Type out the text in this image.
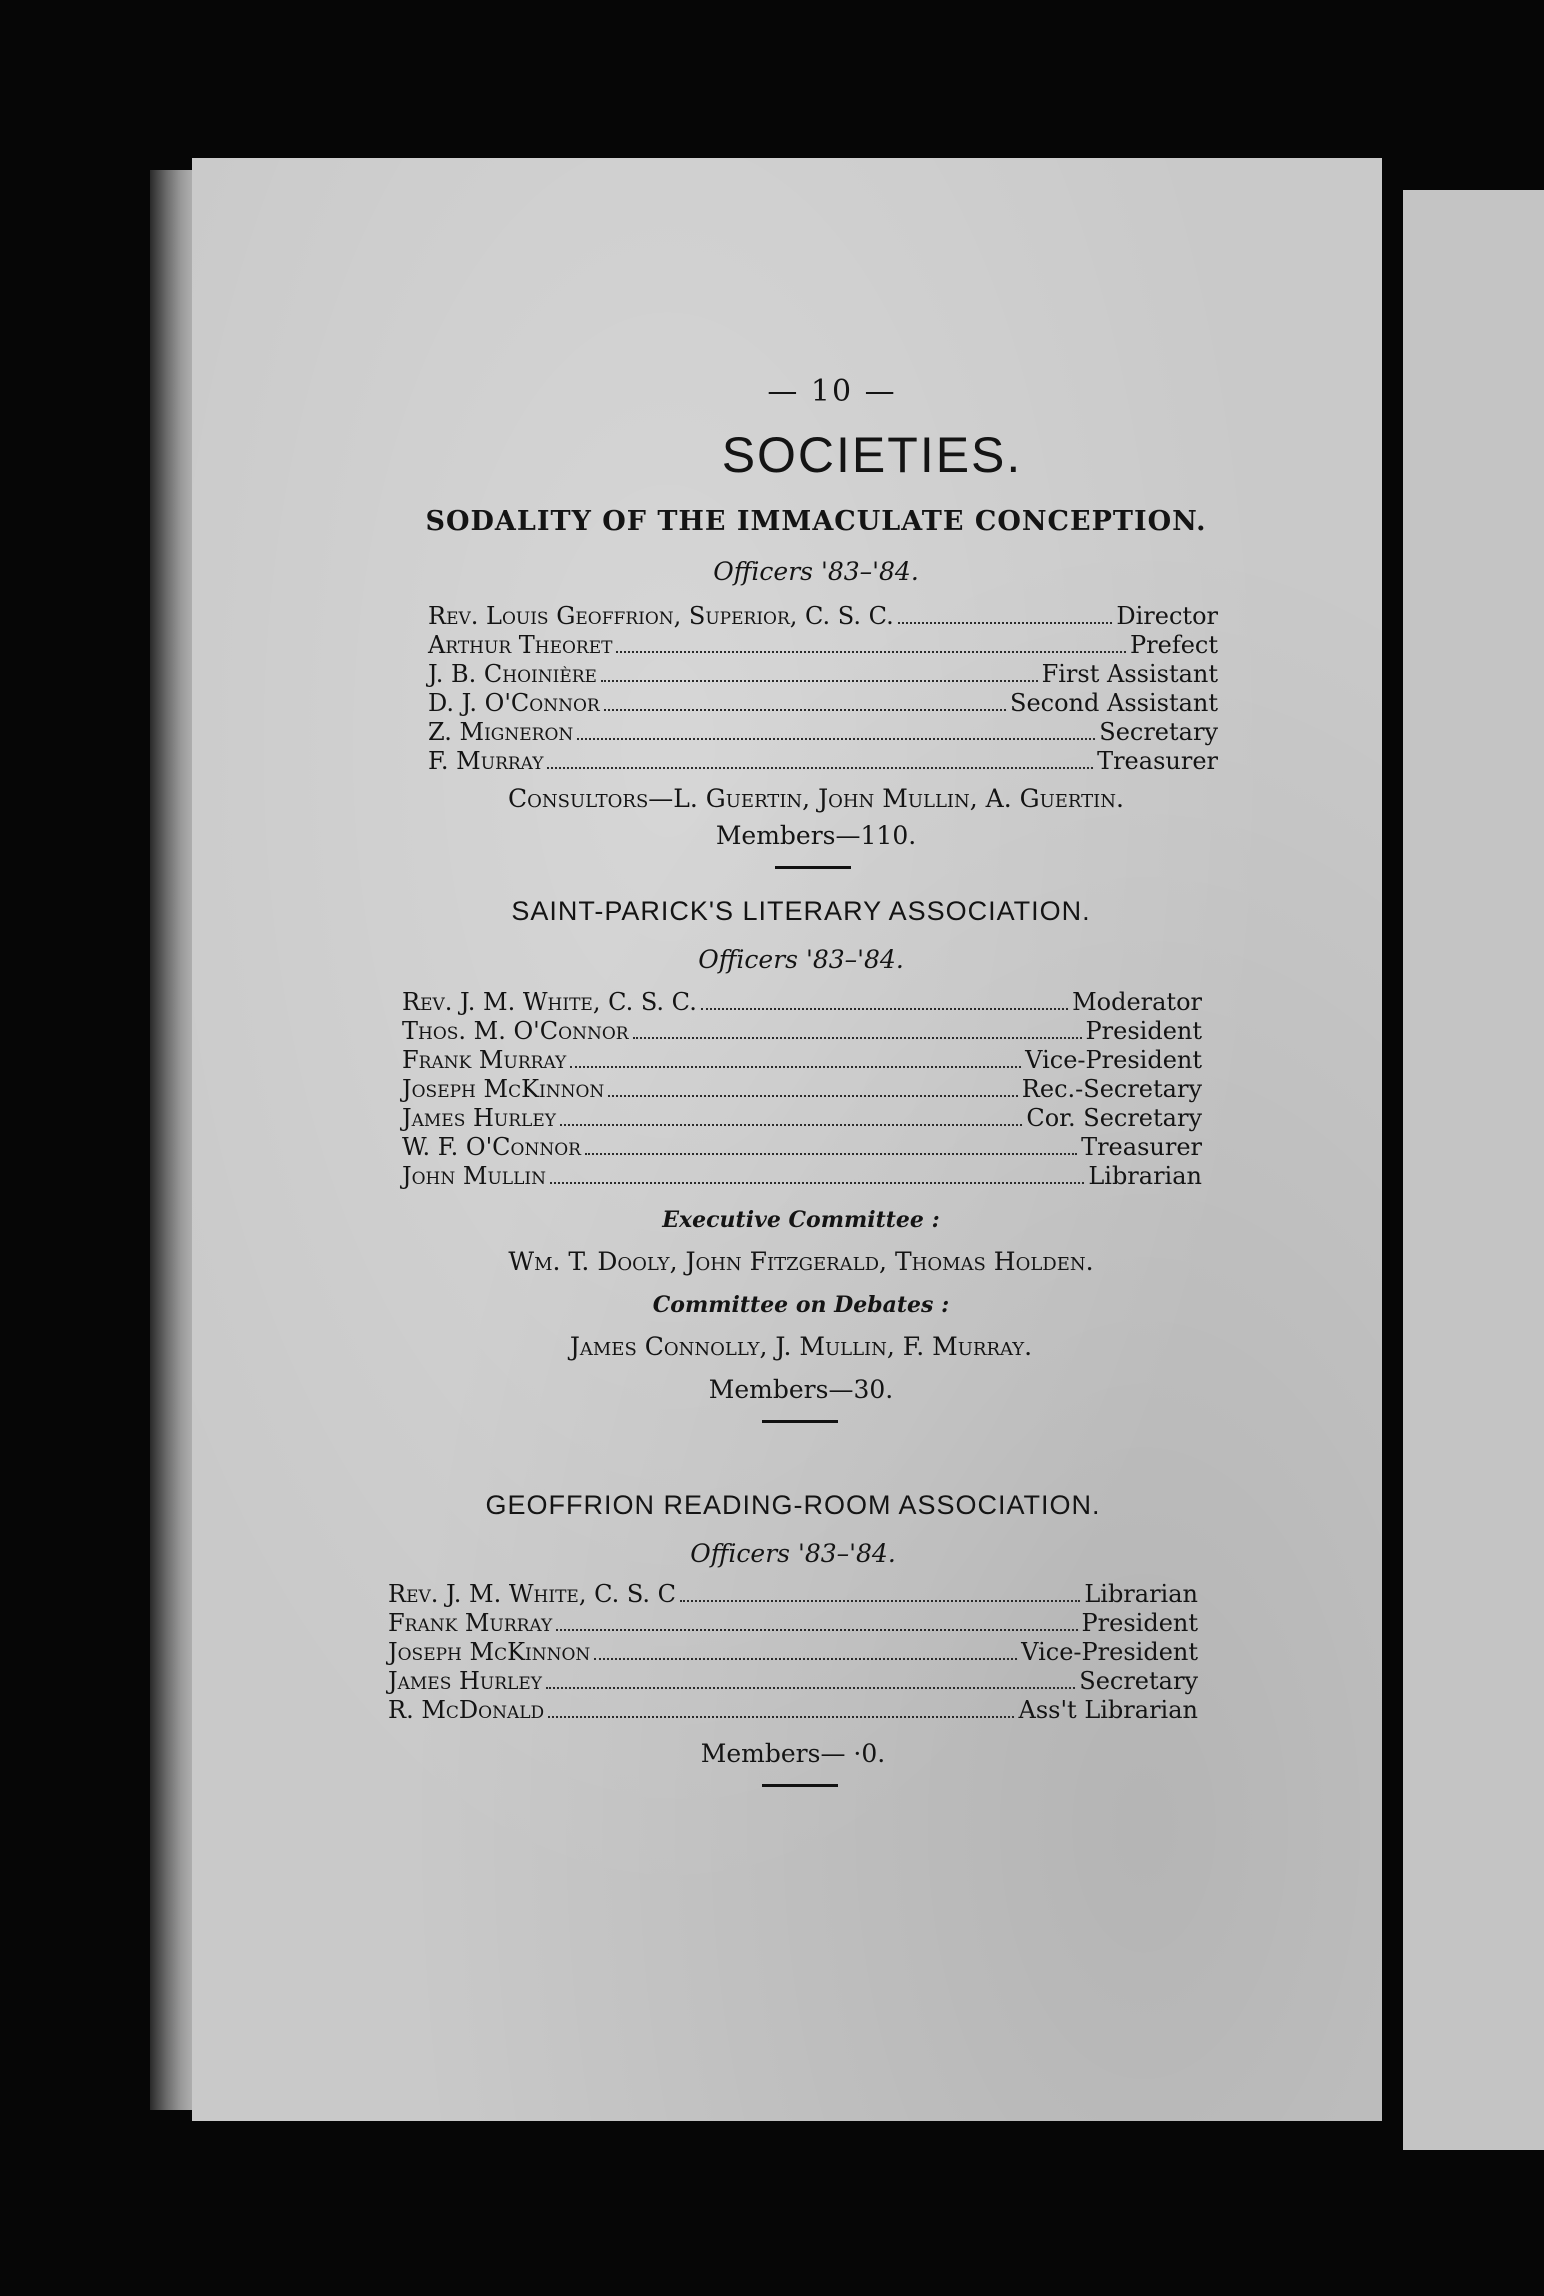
— 10 —
SOCIETIES.
SODALITY OF THE IMMACULATE CONCEPTION.
Officers '83–'84.
Rev. Louis Geoffrion, Superior, C. S. C.	Director
Arthur Theoret	Prefect
J. B. Choinière	First Assistant
D. J. O'Connor	Second Assistant
Z. Migneron	Secretary
F. Murray	Treasurer
Consultors—L. Guertin, John Mullin, A. Guertin.
Members—110.
SAINT-PARICK'S LITERARY ASSOCIATION.
Officers '83–'84.
Rev. J. M. White, C. S. C.	Moderator
Thos. M. O'Connor	President
Frank Murray	Vice-President
Joseph McKinnon	Rec.-Secretary
James Hurley	Cor. Secretary
W. F. O'Connor	Treasurer
John Mullin	Librarian
Executive Committee :
Wm. T. Dooly, John Fitzgerald, Thomas Holden.
Committee on Debates :
James Connolly, J. Mullin, F. Murray.
Members—30.
GEOFFRION READING-ROOM ASSOCIATION.
Officers '83–'84.
Rev. J. M. White, C. S. C	Librarian
Frank Murray	President
Joseph McKinnon	Vice-President
James Hurley	Secretary
R. McDonald	Ass't Librarian
Members— ·0.
